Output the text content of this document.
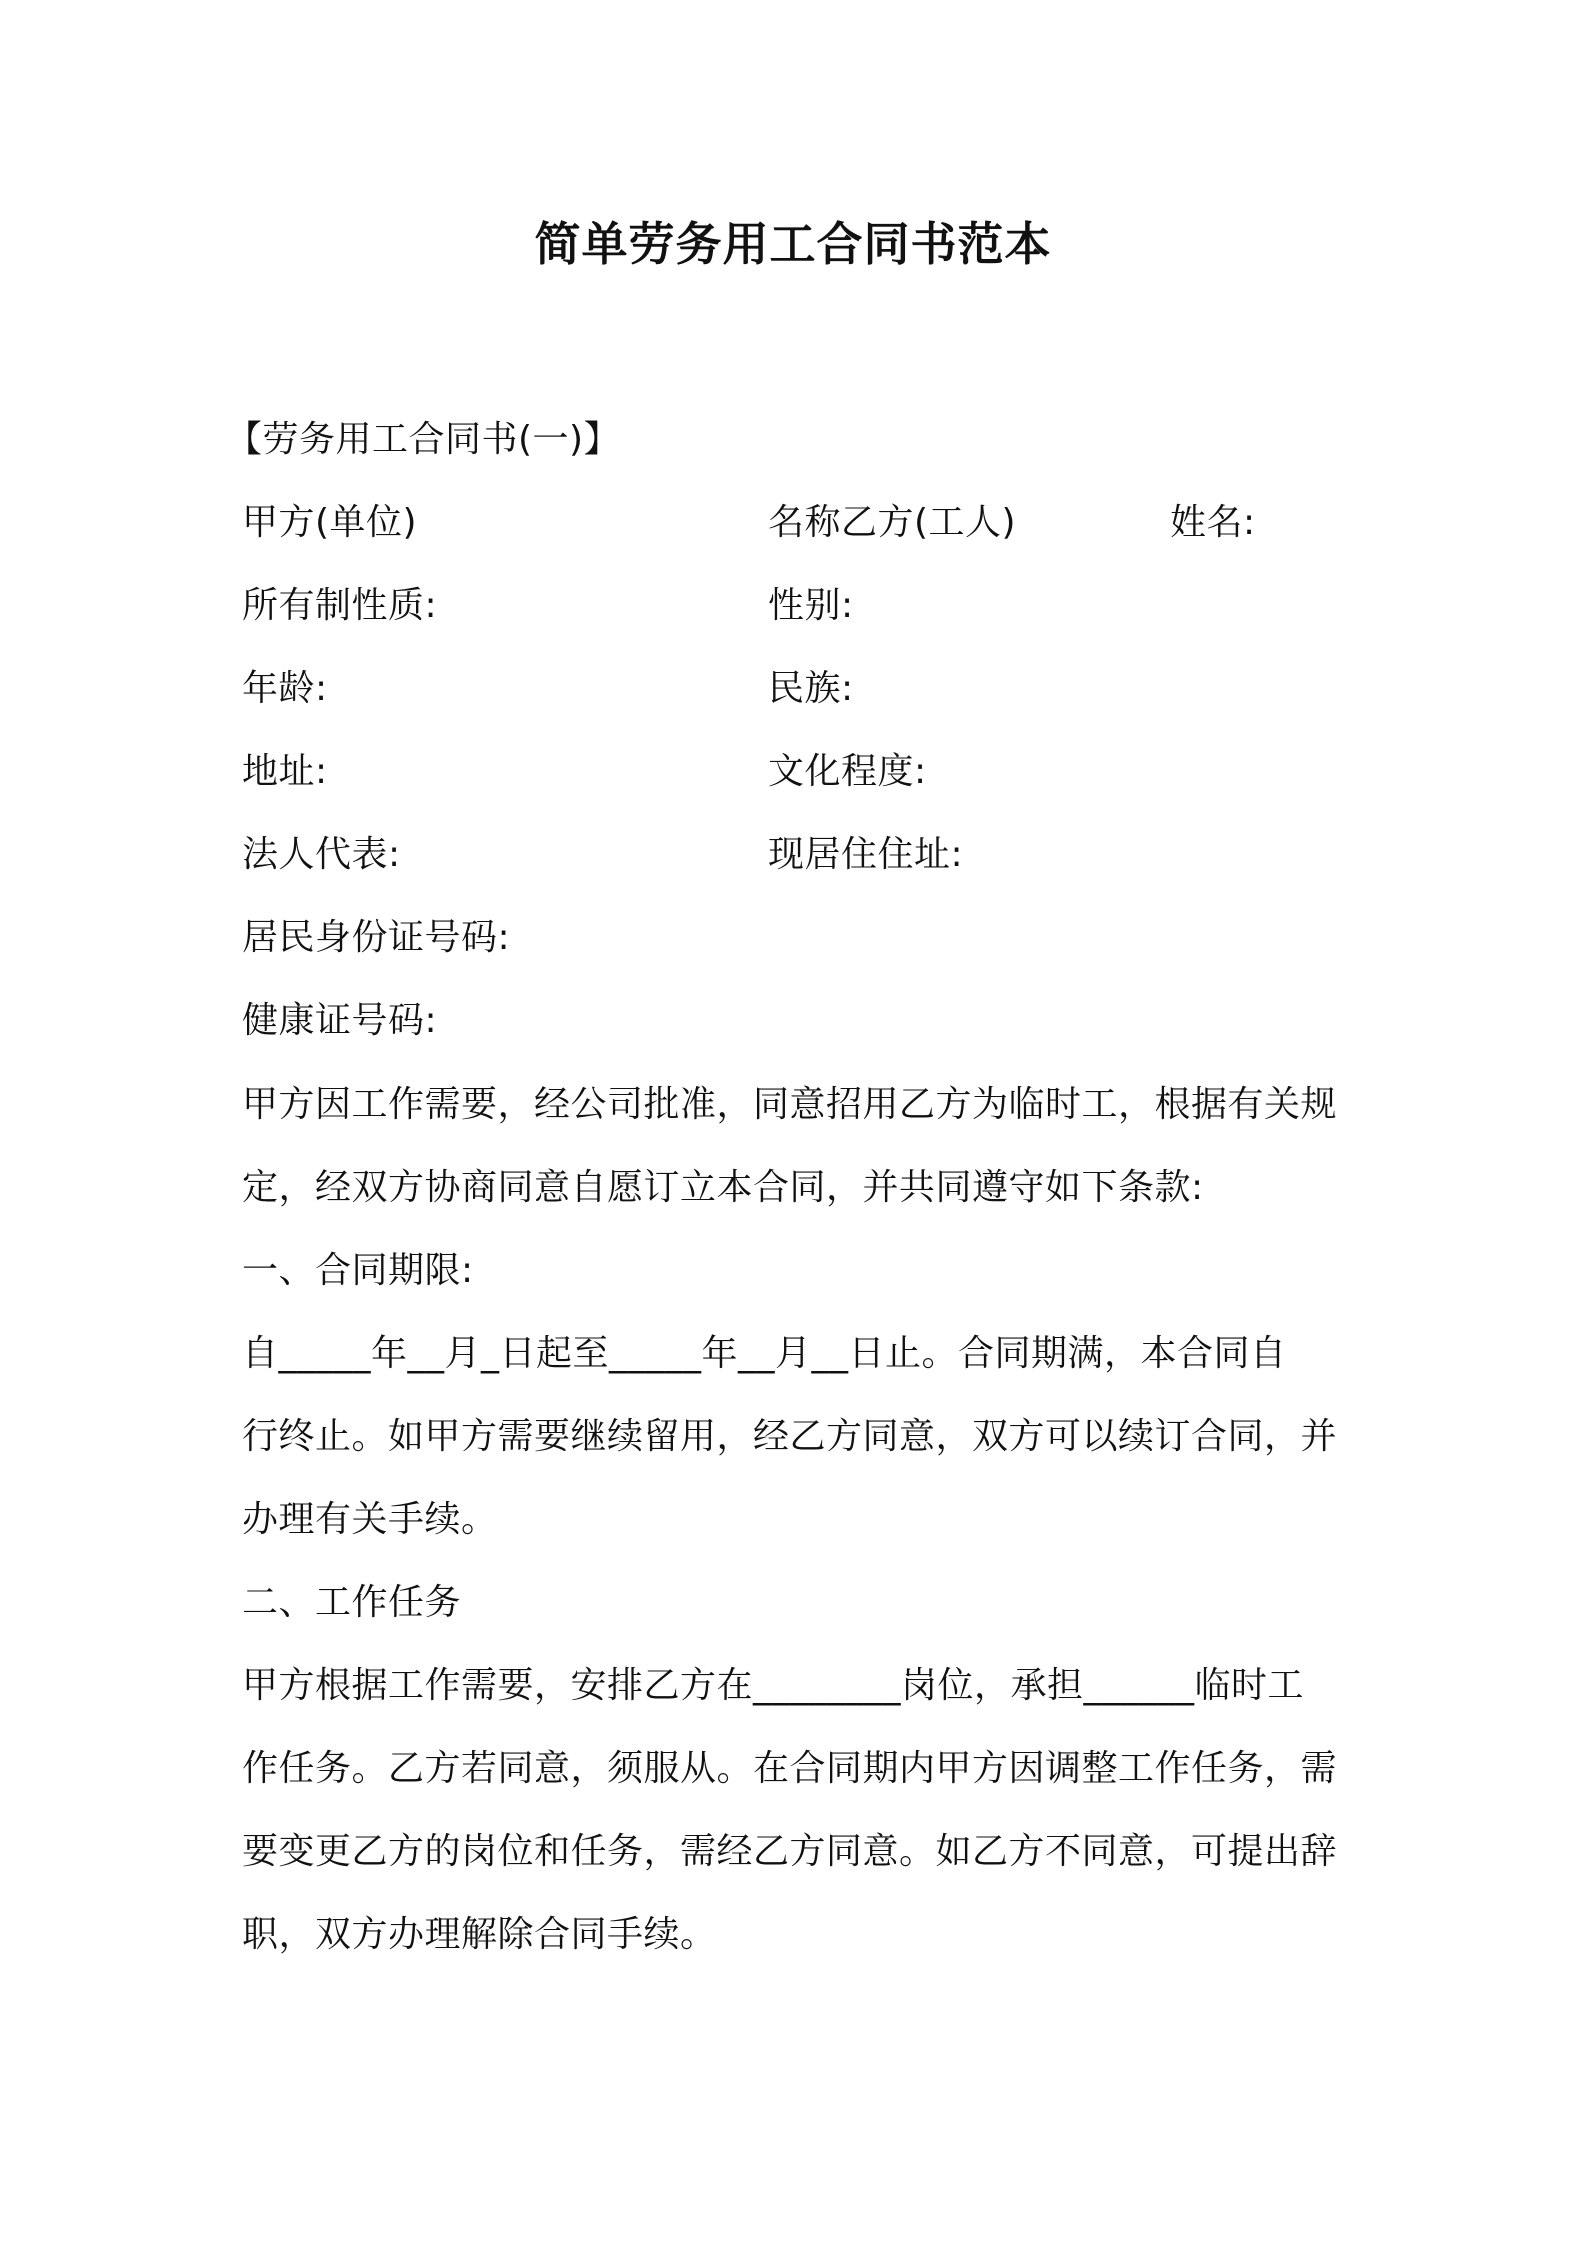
简单劳务用工合同书范本
【劳务用工合同书(一)】
甲方(单位)	名称乙方(工人)	姓名:
所有制性质:	性别:
年龄:	民族:
地址:	文化程度:
法人代表:	现居住住址:
居民身份证号码:
健康证号码:
甲方因工作需要，经公司批准，同意招用乙方为临时工，根据有关规
定，经双方协商同意自愿订立本合同，并共同遵守如下条款:
一、合同期限:
自_____年__月_日起至_____年__月__日止。合同期满，本合同自
行终止。如甲方需要继续留用，经乙方同意，双方可以续订合同，并
办理有关手续。
二、工作任务
甲方根据工作需要，安排乙方在________岗位，承担______临时工
作任务。乙方若同意，须服从。在合同期内甲方因调整工作任务，需
要变更乙方的岗位和任务，需经乙方同意。如乙方不同意，可提出辞
职，双方办理解除合同手续。
